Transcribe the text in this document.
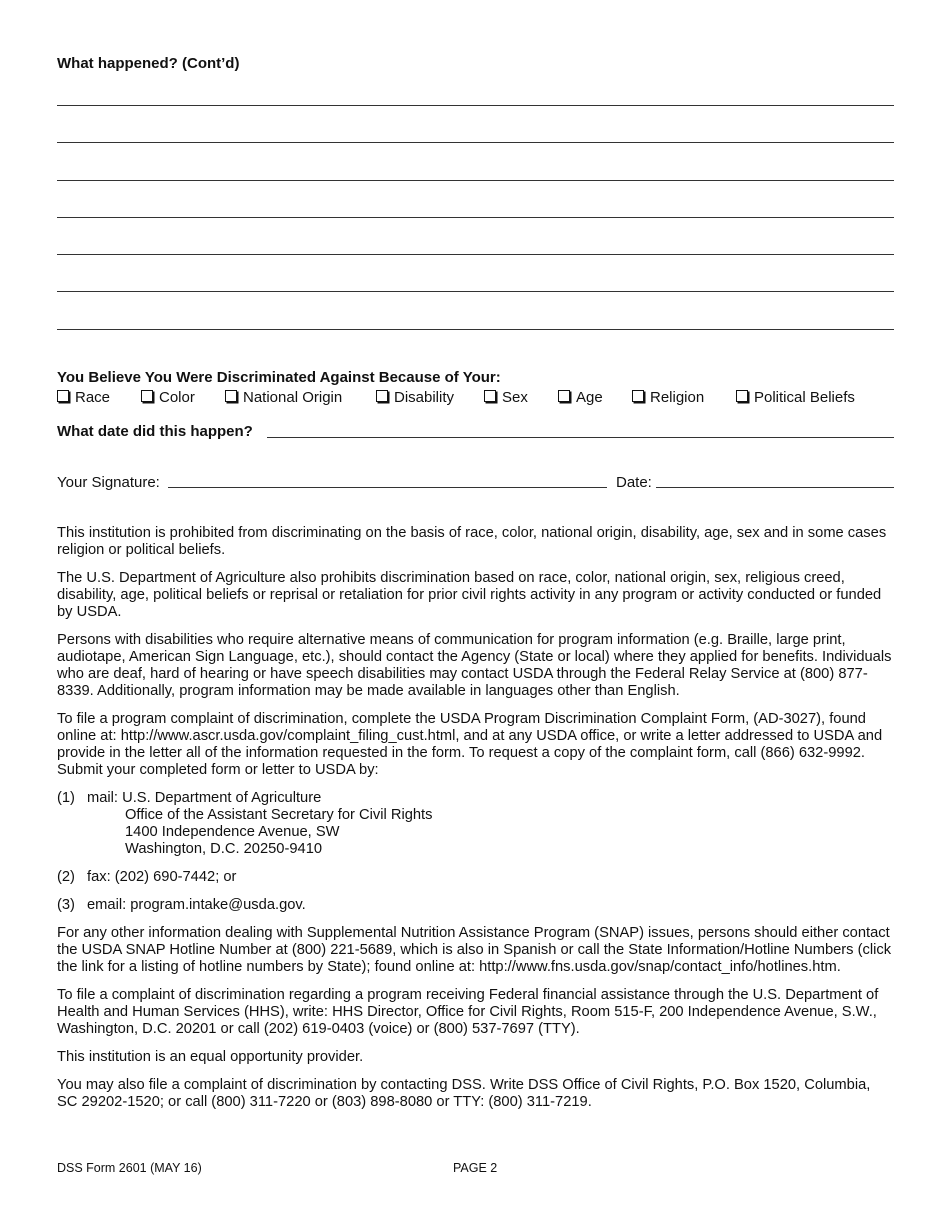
What happened? (Cont’d)
You Believe You Were Discriminated Against Because of Your:
Race	Color	National Origin	Disability	Sex	Age	Religion	Political Beliefs
What date did this happen?
Your Signature:	Date:

This institution is prohibited from discriminating on the basis of race, color, national origin, disability, age, sex and in some cases religion or political beliefs.

The U.S. Department of Agriculture also prohibits discrimination based on race, color, national origin, sex, religious creed, disability, age, political beliefs or reprisal or retaliation for prior civil rights activity in any program or activity conducted or funded by USDA.

Persons with disabilities who require alternative means of communication for program information (e.g. Braille, large print, audiotape, American Sign Language, etc.), should contact the Agency (State or local) where they applied for benefits. Individuals who are deaf, hard of hearing or have speech disabilities may contact USDA through the Federal Relay Service at (800) 877-8339. Additionally, program information may be made available in languages other than English.

To file a program complaint of discrimination, complete the USDA Program Discrimination Complaint Form, (AD-3027), found online at: http://www.ascr.usda.gov/complaint_filing_cust.html, and at any USDA office, or write a letter addressed to USDA and provide in the letter all of the information requested in the form. To request a copy of the complaint form, call (866) 632-9992. Submit your completed form or letter to USDA by:

(1) mail: U.S. Department of Agriculture
Office of the Assistant Secretary for Civil Rights
1400 Independence Avenue, SW
Washington, D.C. 20250-9410
(2) fax: (202) 690-7442; or
(3) email: program.intake@usda.gov.

For any other information dealing with Supplemental Nutrition Assistance Program (SNAP) issues, persons should either contact the USDA SNAP Hotline Number at (800) 221-5689, which is also in Spanish or call the State Information/Hotline Numbers (click the link for a listing of hotline numbers by State); found online at: http://www.fns.usda.gov/snap/contact_info/hotlines.htm.

To file a complaint of discrimination regarding a program receiving Federal financial assistance through the U.S. Department of Health and Human Services (HHS), write: HHS Director, Office for Civil Rights, Room 515-F, 200 Independence Avenue, S.W., Washington, D.C. 20201 or call (202) 619-0403 (voice) or (800) 537-7697 (TTY).

This institution is an equal opportunity provider.

You may also file a complaint of discrimination by contacting DSS. Write DSS Office of Civil Rights, P.O. Box 1520, Columbia, SC 29202-1520; or call (800) 311-7220 or (803) 898-8080 or TTY: (800) 311-7219.

DSS Form 2601 (MAY 16)	PAGE 2
